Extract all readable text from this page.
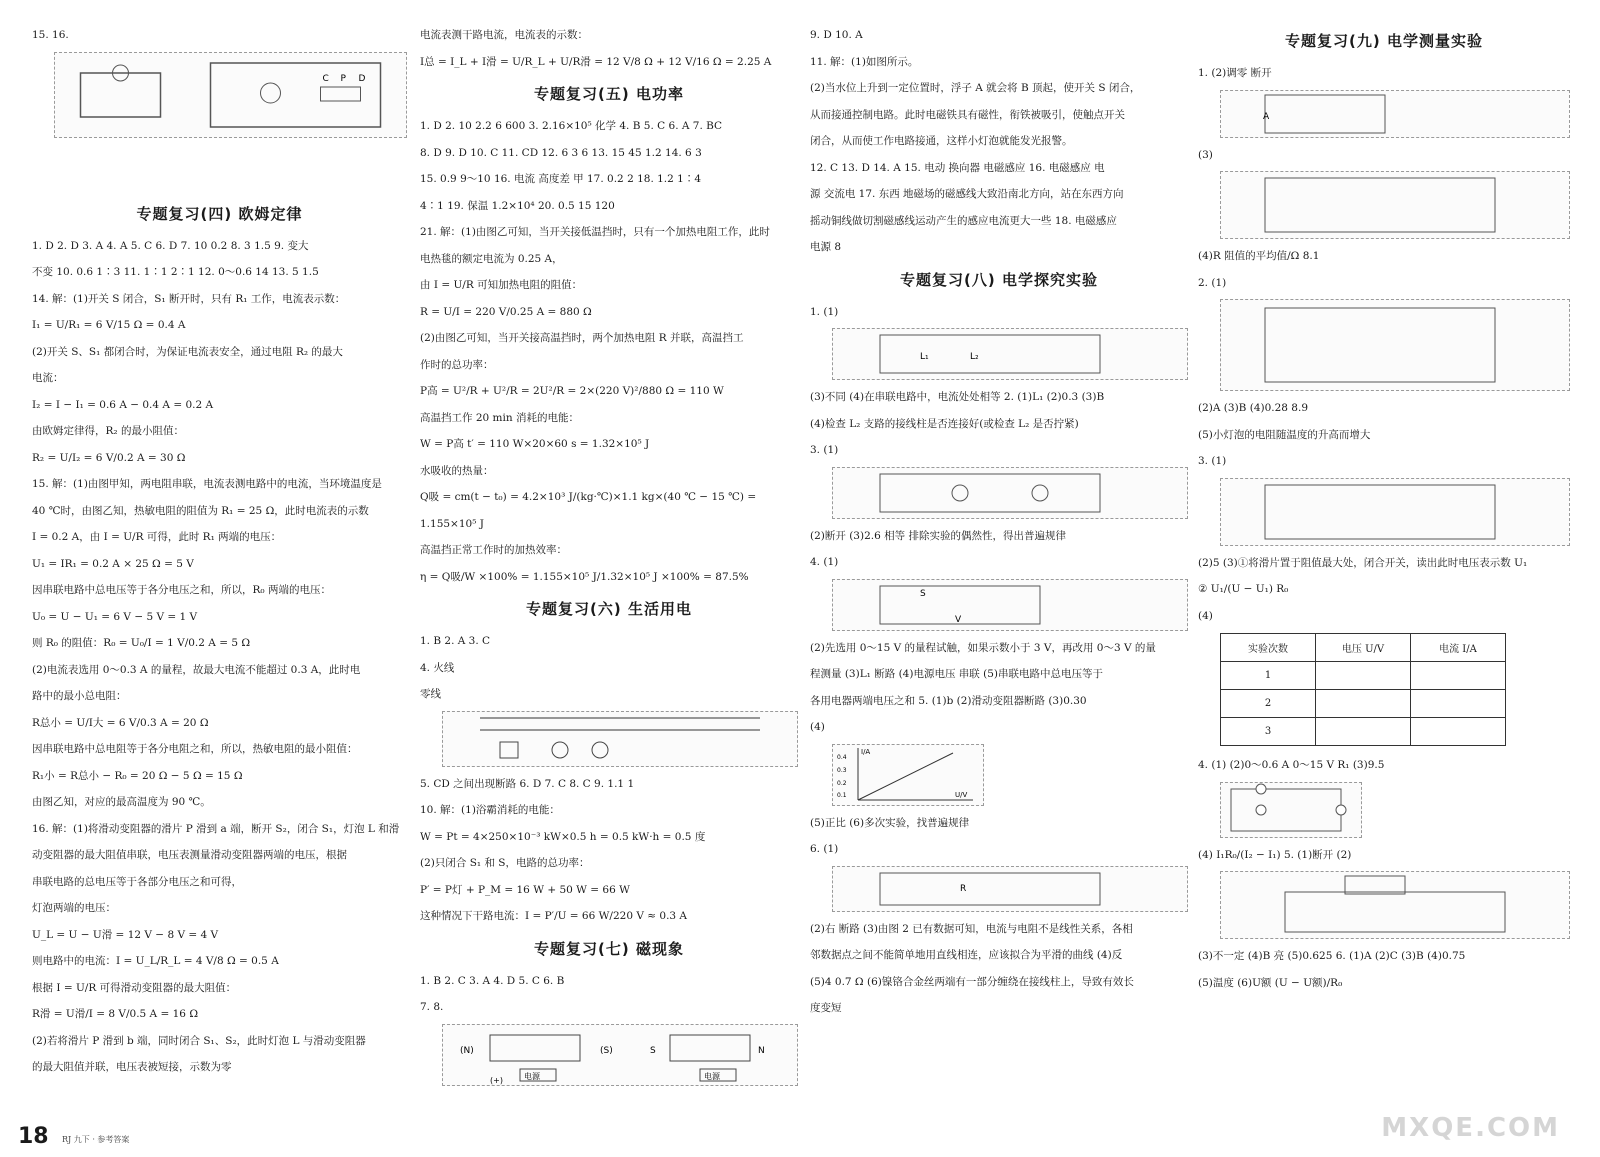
15. 16.
C P D
专题复习(四) 欧姆定律
1. D 2. D 3. A 4. A 5. C 6. D 7. 10 0.2 8. 3 1.5 9. 变大
不变 10. 0.6 1∶3 11. 1∶1 2∶1 12. 0～0.6 14 13. 5 1.5
14. 解：(1)开关 S 闭合，S₁ 断开时，只有 R₁ 工作，电流表示数：
I₁ = U/R₁ = 6 V/15 Ω = 0.4 A
(2)开关 S、S₁ 都闭合时，为保证电流表安全，通过电阻 R₂ 的最大
电流：
I₂ = I − I₁ = 0.6 A − 0.4 A = 0.2 A
由欧姆定律得，R₂ 的最小阻值：
R₂ = U/I₂ = 6 V/0.2 A = 30 Ω
15. 解：(1)由图甲知，两电阻串联，电流表测电路中的电流，当环境温度是
40 ℃时，由图乙知，热敏电阻的阻值为 R₁ = 25 Ω，此时电流表的示数
I = 0.2 A，由 I = U/R 可得，此时 R₁ 两端的电压：
U₁ = IR₁ = 0.2 A × 25 Ω = 5 V
因串联电路中总电压等于各分电压之和，所以，R₀ 两端的电压：
U₀ = U − U₁ = 6 V − 5 V = 1 V
则 R₀ 的阻值：R₀ = U₀/I = 1 V/0.2 A = 5 Ω
(2)电流表选用 0～0.3 A 的量程，故最大电流不能超过 0.3 A，此时电
路中的最小总电阻：
R总小 = U/I大 = 6 V/0.3 A = 20 Ω
因串联电路中总电阻等于各分电阻之和，所以，热敏电阻的最小阻值：
R₁小 = R总小 − R₀ = 20 Ω − 5 Ω = 15 Ω
由图乙知，对应的最高温度为 90 ℃。
16. 解：(1)将滑动变阻器的滑片 P 滑到 a 端，断开 S₂，闭合 S₁，灯泡 L 和滑
动变阻器的最大阻值串联，电压表测量滑动变阻器两端的电压，根据
串联电路的总电压等于各部分电压之和可得，
灯泡两端的电压：
U_L = U − U滑 = 12 V − 8 V = 4 V
则电路中的电流：I = U_L/R_L = 4 V/8 Ω = 0.5 A
根据 I = U/R 可得滑动变阻器的最大阻值：
R滑 = U滑/I = 8 V/0.5 A = 16 Ω
(2)若将滑片 P 滑到 b 端，同时闭合 S₁、S₂，此时灯泡 L 与滑动变阻器
的最大阻值并联，电压表被短接，示数为零
电流表测干路电流，电流表的示数：
I总 = I_L + I滑 = U/R_L + U/R滑 = 12 V/8 Ω + 12 V/16 Ω = 2.25 A
专题复习(五) 电功率
1. D 2. 10 2.2 6 600 3. 2.16×10⁵ 化学 4. B 5. C 6. A 7. BC
8. D 9. D 10. C 11. CD 12. 6 3 6 13. 15 45 1.2 14. 6 3
15. 0.9 9～10 16. 电流 高度差 甲 17. 0.2 2 18. 1.2 1∶4
4∶1 19. 保温 1.2×10⁴ 20. 0.5 15 120
21. 解：(1)由图乙可知，当开关接低温挡时，只有一个加热电阻工作，此时
电热毯的额定电流为 0.25 A，
由 I = U/R 可知加热电阻的阻值：
R = U/I = 220 V/0.25 A = 880 Ω
(2)由图乙可知，当开关接高温挡时，两个加热电阻 R 并联，高温挡工
作时的总功率：
P高 = U²/R + U²/R = 2U²/R = 2×(220 V)²/880 Ω = 110 W
高温挡工作 20 min 消耗的电能：
W = P高 t′ = 110 W×20×60 s = 1.32×10⁵ J
水吸收的热量：
Q吸 = cm(t − t₀) = 4.2×10³ J/(kg·℃)×1.1 kg×(40 ℃ − 15 ℃) =
1.155×10⁵ J
高温挡正常工作时的加热效率：
η = Q吸/W ×100% = 1.155×10⁵ J/1.32×10⁵ J ×100% = 87.5%
专题复习(六) 生活用电
1. B 2. A 3. C
4. 火线
零线
5. CD 之间出现断路 6. D 7. C 8. C 9. 1.1 1
10. 解：(1)浴霸消耗的电能：
W = Pt = 4×250×10⁻³ kW×0.5 h = 0.5 kW·h = 0.5 度
(2)只闭合 S₁ 和 S，电路的总功率：
P′ = P灯 + P_M = 16 W + 50 W = 66 W
这种情况下干路电流：I = P′/U = 66 W/220 V ≈ 0.3 A
专题复习(七) 磁现象
1. B 2. C 3. A 4. D 5. C 6. B
7. 8.
(N)	(S)	S	N
电源	电源
(+)
9. D 10. A
11. 解：(1)如图所示。
(2)当水位上升到一定位置时，浮子 A 就会将 B 顶起，使开关 S 闭合，
从而接通控制电路。此时电磁铁具有磁性，衔铁被吸引，使触点开关
闭合，从而使工作电路接通，这样小灯泡就能发光报警。
12. C 13. D 14. A 15. 电动 换向器 电磁感应 16. 电磁感应 电
源 交流电 17. 东西 地磁场的磁感线大致沿南北方向，站在东西方向
摇动铜线做切割磁感线运动产生的感应电流更大一些 18. 电磁感应
电源 8
专题复习(八) 电学探究实验
1. (1)
L₁	L₂
(3)不同 (4)在串联电路中，电流处处相等 2. (1)L₁ (2)0.3 (3)B
(4)检查 L₂ 支路的接线柱是否连接好(或检查 L₂ 是否拧紧)
3. (1)
(2)断开 (3)2.6 相等 排除实验的偶然性，得出普遍规律
4. (1)
S
V
(2)先选用 0～15 V 的量程试触，如果示数小于 3 V，再改用 0～3 V 的量
程测量 (3)L₁ 断路 (4)电源电压 串联 (5)串联电路中总电压等于
各用电器两端电压之和 5. (1)b (2)滑动变阻器断路 (3)0.30
(4)
I/A
U/V
0.4
0.3
0.2
0.1
(5)正比 (6)多次实验，找普遍规律
6. (1)
R
(2)右 断路 (3)由图 2 已有数据可知，电流与电阻不是线性关系，各相
邻数据点之间不能简单地用直线相连，应该拟合为平滑的曲线 (4)反
(5)4 0.7 Ω (6)镍铬合金丝两端有一部分缠绕在接线柱上，导致有效长
度变短
专题复习(九) 电学测量实验
1. (2)调零 断开
A
(3)
(4)R 阻值的平均值/Ω 8.1
2. (1)
(2)A (3)B (4)0.28 8.9
(5)小灯泡的电阻随温度的升高而增大
3. (1)
(2)5 (3)①将滑片置于阻值最大处，闭合开关，读出此时电压表示数 U₁
② U₁/(U − U₁) R₀
(4)
实验次数	电压 U/V	电流 I/A
1		
2		
3		
4. (1) (2)0～0.6 A 0～15 V R₁ (3)9.5
(4) I₁R₀/(I₂ − I₁) 5. (1)断开 (2)
(3)不一定 (4)B 亮 (5)0.625 6. (1)A (2)C (3)B (4)0.75
(5)温度 (6)U额 (U − U额)/R₀
18 RJ 九下 · 参考答案	MXQE.COM
